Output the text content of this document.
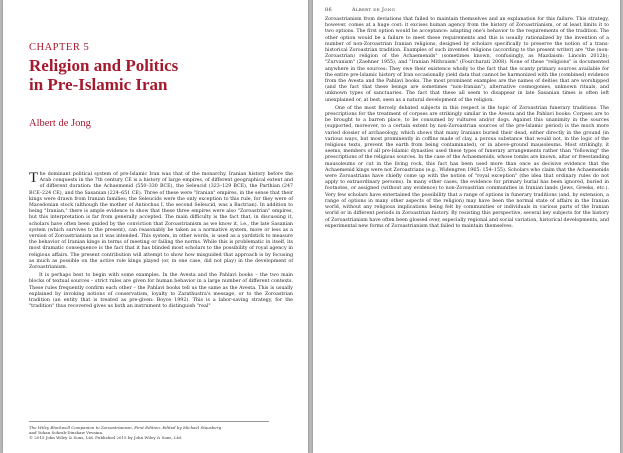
CHAPTER 5
Religion and Politics
in Pre-Islamic Iran
Albert de Jong

The dominant political system of pre-Islamic Iran was that of the monarchy. Iranian history before the Arab conquests in the 7th century CE is a history of large empires, of different geographical extent and of different duration: the Achaemenid (550–330 BCE), the Seleucid (323–129 BCE), the Parthian (247 BCE–224 CE), and the Sasanian (224–651 CE). Three of these were "Iranian" empires, in the sense that their kings were drawn from Iranian families; the Seleucids were the only exception to this rule, for they were of Macedonian stock (although the mother of Antiochus I, the second Seleucid, was a Bactrian). In addition to being "Iranian," there is ample evidence to show that these three empires were also "Zoroastrian" empires, but this interpretation is far from generally accepted. The main difficulty is the fact that, in discussing it, scholars have often been guided by the conviction that Zoroastrianism as we know it, i.e., the late Sasanian system (which survives to the present), can reasonably be taken as a normative system, more or less as a version of Zoroastrianism as it was intended. This system, in other words, is used as a yardstick to measure the behavior of Iranian kings in terms of meeting or failing the norms. While this is problematic in itself, its most dramatic consequence is the fact that it has blinded most scholars to the possibility of royal agency in religious affairs. The present contribution will attempt to show how misguided that approach is by focusing as much as possible on the active role kings played (or, in one case, did not play) in the development of Zoroastrianism.

It is perhaps best to begin with some examples. In the Avesta and the Pahlavi books – the two main blocks of textual sources – strict rules are given for human behavior in a large number of different contexts. These rules frequently confirm each other – the Pahlavi books tell us the same as the Avesta. This is usually explained by invoking notions of conservatism, loyalty to Zarathustra's message, or to the Zoroastrian tradition (an entity that is treated as pre-given: Boyce 1992). This is a labor-saving strategy, for the "tradition" thus recovered gives us both an instrument to distinguish "real"

The Wiley Blackwell Companion to Zoroastrianism, First Edition. Edited by Michael Stausberg
and Yuhan Sohrab-Dinshaw Vevaina.
© 2015 John Wiley & Sons, Ltd. Published 2015 by John Wiley & Sons, Ltd.
86	Albert de Jong

Zoroastrianism from deviations that failed to maintain themselves and an explanation for this failure. This strategy, however, comes at a huge cost: it excises human agency from the history of Zoroastrianism, or at least limits it to two options. The first option would be acceptance: adapting one's behavior to the requirements of the tradition. The other option would be a failure to meet these requirements and this is usually rationalized by the invention of a number of non-Zoroastrian Iranian religions, designed by scholars specifically to preserve the notion of a trans-historical Zoroastrian tradition. Examples of such invented religions (according to the present writer) are "the (non-Zoroastrian) religion of the Achaemenids" (sometimes known, confusingly, as Mazdaism: Lincoln 2012b); "Zurvanism" (Zaehner 1955), and "Iranian Mithraism" (Fourcharati 2008). None of these "religions" is documented anywhere in the sources: They owe their existence wholly to the fact that the scanty primary sources available for the entire pre-Islamic history of Iran occasionally yield data that cannot be harmonized with the (combined) evidence from the Avesta and the Pahlavi books. The most prominent examples are the names of deities that are worshipped (and the fact that these beings are sometimes "non-Iranian"), alternative cosmogonies, unknown rituals, and unknown types of sanctuaries. The fact that these all seem to disappear in late Sasanian times is often left unexplained or, at best, seen as a natural development of the religion.

One of the most fiercely debated subjects in this respect is the topic of Zoroastrian funerary traditions. The prescriptions for the treatment of corpses are strikingly similar in the Avesta and the Pahlavi books: Corpses are to be brought to a barren place, to be consumed by vultures and/or dogs. Against this unanimity in the sources (supported, moreover, to a certain extent by non-Zoroastrian sources of the pre-Islamic period) is the much more varied dossier of archaeology, which shows that many Iranians buried their dead, either directly in the ground (in various ways, but most prominently in coffins made of clay, a porous substance that would not, in the logic of the religious texts, prevent the earth from being contaminated), or in above-ground mausoleums. Most strikingly, it seems, members of all pre-Islamic dynasties used these types of funerary arrangements rather than "following" the prescriptions of the religious sources. In the case of the Achaemenids, whose tombs are known, altar or freestanding mausoleums or cut in the living rock, this fact has been used more than once as decisive evidence that the Achaemenid kings were not Zoroastrians (e.g., Widengren 1965: 154–155). Scholars who claim that the Achaemenids were Zoroastrians have chiefly come up with the notion of "royal exception" (the idea that ordinary rules do not apply to extraordinary persons). In many other cases, the evidence for primary burial has been ignored, buried in footnotes, or assigned (without any evidence) to non-Zoroastrian communities in Iranian lands (Jews, Greeks, etc.). Very few scholars have entertained the possibility that a range of options in funerary traditions (and, by extension, a range of options in many other aspects of the religion) may have been the normal state of affairs in the Iranian world, without any religious implications being felt by communities or individuals in various parts of the Iranian world or in different periods in Zoroastrian history. By resisting this perspective, several key subjects for the history of Zoroastrianism have often been glossed over, especially regional and social variation, historical developments, and experimental new forms of Zoroastrianism that failed to maintain themselves.
